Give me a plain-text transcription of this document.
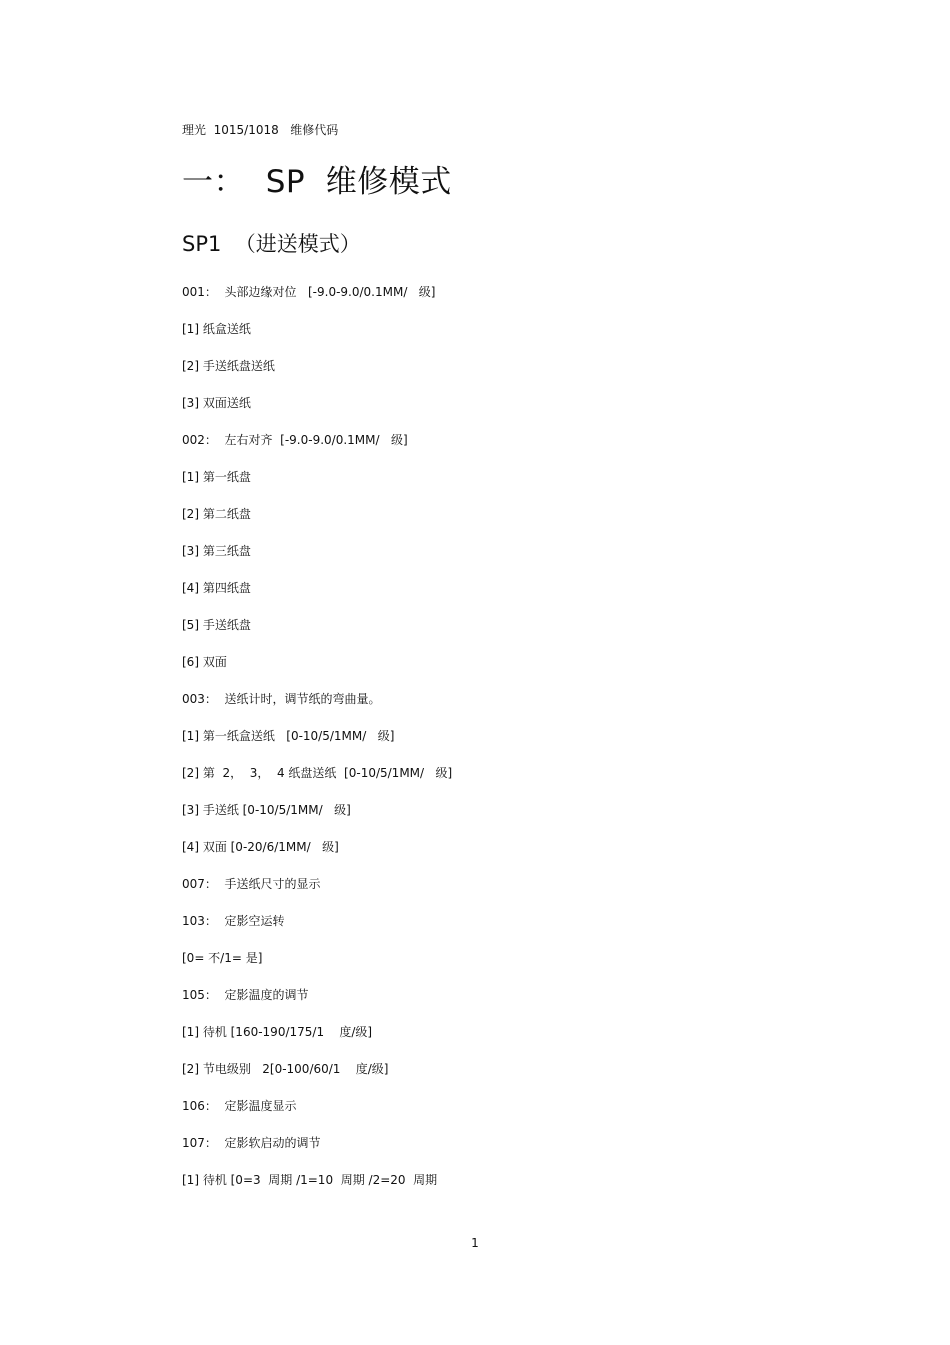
理光  1015/1018   维修代码
一：  SP  维修模式
SP1  （进送模式）
001：  头部边缘对位   [-9.0-9.0/0.1MM/   级]
[1] 纸盒送纸
[2] 手送纸盘送纸
[3] 双面送纸
002：  左右对齐  [-9.0-9.0/0.1MM/   级]
[1] 第一纸盘
[2] 第二纸盘
[3] 第三纸盘
[4] 第四纸盘
[5] 手送纸盘
[6] 双面
003：  送纸计时，调节纸的弯曲量。
[1] 第一纸盒送纸   [0-10/5/1MM/   级]
[2] 第  2，  3，  4 纸盘送纸  [0-10/5/1MM/   级]
[3] 手送纸 [0-10/5/1MM/   级]
[4] 双面 [0-20/6/1MM/   级]
007：  手送纸尺寸的显示
103：  定影空运转
[0= 不/1= 是]
105：  定影温度的调节
[1] 待机 [160-190/175/1    度/级]
[2] 节电级别   2[0-100/60/1    度/级]
106：  定影温度显示
107：  定影软启动的调节
[1] 待机 [0=3  周期 /1=10  周期 /2=20  周期
1
